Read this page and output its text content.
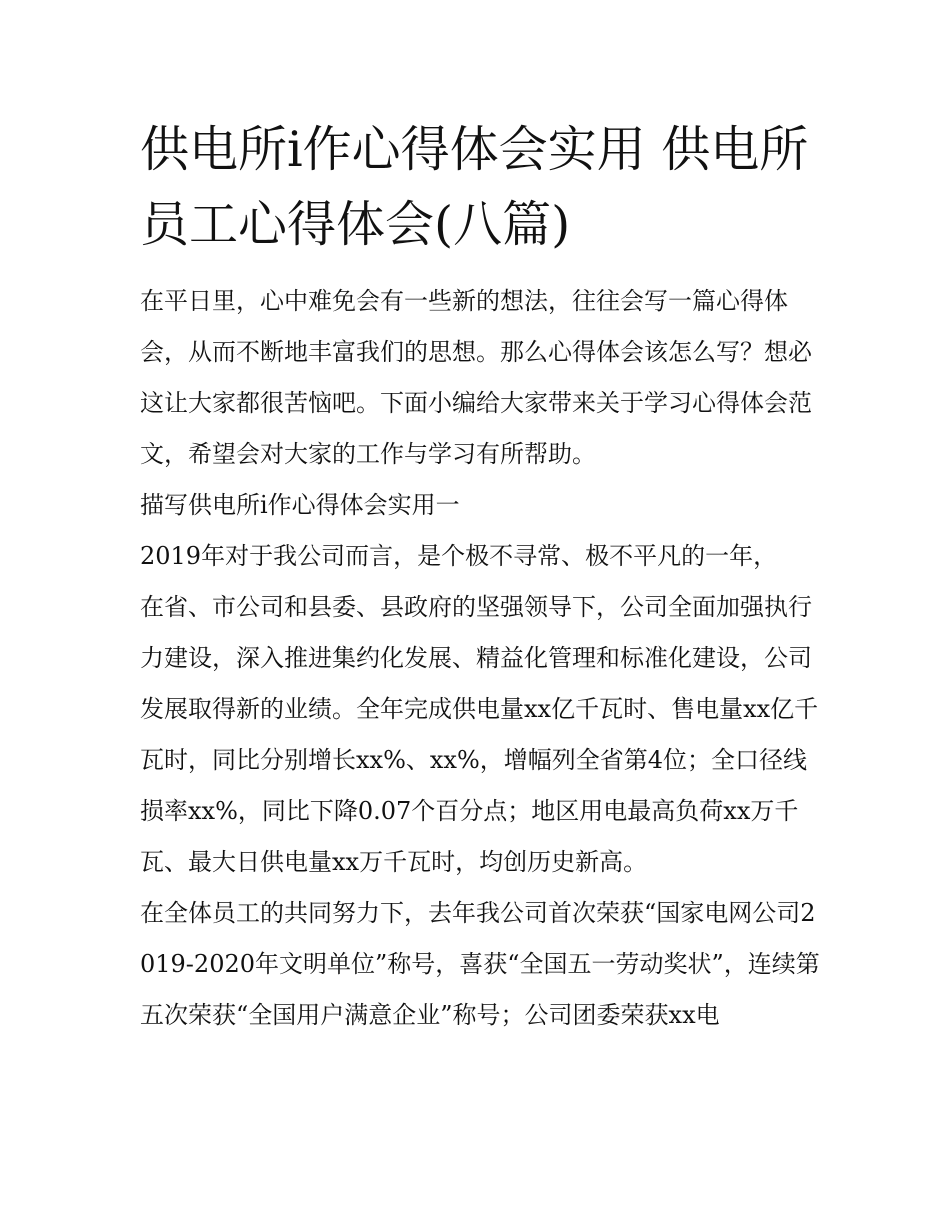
供电所ⅰ作心得体会实用 供电所员工心得体会(八篇)

在平日里，心中难免会有一些新的想法，往往会写一篇心得体会，从而不断地丰富我们的思想。那么心得体会该怎么写？想必这让大家都很苦恼吧。下面小编给大家带来关于学习心得体会范文，希望会对大家的工作与学习有所帮助。

描写供电所ⅰ作心得体会实用一

2019年对于我公司而言，是个极不寻常、极不平凡的一年，

在省、市公司和县委、县政府的坚强领导下，公司全面加强执行力建设，深入推进集约化发展、精益化管理和标准化建设，公司发展取得新的业绩。全年完成供电量xx亿千瓦时、售电量xx亿千瓦时，同比分别增长xx%、xx%，增幅列全省第4位；全口径线损率xx%，同比下降0.07个百分点；地区用电最高负荷xx万千瓦、最大日供电量xx万千瓦时，均创历史新高。

在全体员工的共同努力下，去年我公司首次荣获“国家电网公司2019-2020年文明单位”称号，喜获“全国五一劳动奖状”，连续第五次荣获“全国用户满意企业”称号；公司团委荣获xx电
